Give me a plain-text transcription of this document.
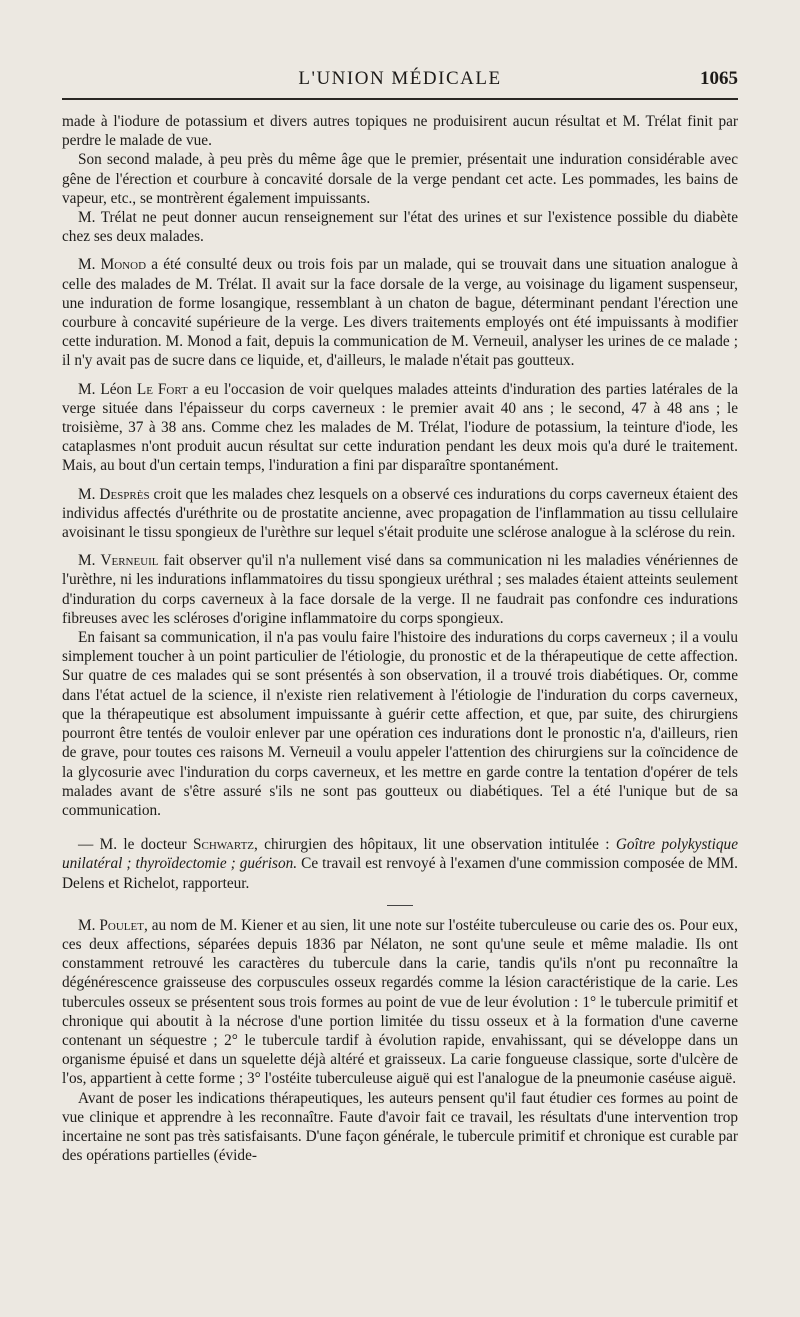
L'UNION MÉDICALE	1065

made à l'iodure de potassium et divers autres topiques ne produisirent aucun résultat et M. Trélat finit par perdre le malade de vue.

Son second malade, à peu près du même âge que le premier, présentait une induration considérable avec gêne de l'érection et courbure à concavité dorsale de la verge pendant cet acte. Les pommades, les bains de vapeur, etc., se montrèrent également impuissants.

M. Trélat ne peut donner aucun renseignement sur l'état des urines et sur l'existence possible du diabète chez ses deux malades.

M. Monod a été consulté deux ou trois fois par un malade, qui se trouvait dans une situation analogue à celle des malades de M. Trélat. Il avait sur la face dorsale de la verge, au voisinage du ligament suspenseur, une induration de forme losangique, ressemblant à un chaton de bague, déterminant pendant l'érection une courbure à concavité supérieure de la verge. Les divers traitements employés ont été impuissants à modifier cette induration. M. Monod a fait, depuis la communication de M. Verneuil, analyser les urines de ce malade ; il n'y avait pas de sucre dans ce liquide, et, d'ailleurs, le malade n'était pas goutteux.

M. Léon Le Fort a eu l'occasion de voir quelques malades atteints d'induration des parties latérales de la verge située dans l'épaisseur du corps caverneux : le premier avait 40 ans ; le second, 47 à 48 ans ; le troisième, 37 à 38 ans. Comme chez les malades de M. Trélat, l'iodure de potassium, la teinture d'iode, les cataplasmes n'ont produit aucun résultat sur cette induration pendant les deux mois qu'a duré le traitement. Mais, au bout d'un certain temps, l'induration a fini par disparaître spontanément.

M. Desprès croit que les malades chez lesquels on a observé ces indurations du corps caverneux étaient des individus affectés d'uréthrite ou de prostatite ancienne, avec propagation de l'inflammation au tissu cellulaire avoisinant le tissu spongieux de l'urèthre sur lequel s'était produite une sclérose analogue à la sclérose du rein.

M. Verneuil fait observer qu'il n'a nullement visé dans sa communication ni les maladies vénériennes de l'urèthre, ni les indurations inflammatoires du tissu spongieux uréthral ; ses malades étaient atteints seulement d'induration du corps caverneux à la face dorsale de la verge. Il ne faudrait pas confondre ces indurations fibreuses avec les scléroses d'origine inflammatoire du corps spongieux.

En faisant sa communication, il n'a pas voulu faire l'histoire des indurations du corps caverneux ; il a voulu simplement toucher à un point particulier de l'étiologie, du pronostic et de la thérapeutique de cette affection. Sur quatre de ces malades qui se sont présentés à son observation, il a trouvé trois diabétiques. Or, comme dans l'état actuel de la science, il n'existe rien relativement à l'étiologie de l'induration du corps caverneux, que la thérapeutique est absolument impuissante à guérir cette affection, et que, par suite, des chirurgiens pourront être tentés de vouloir enlever par une opération ces indurations dont le pronostic n'a, d'ailleurs, rien de grave, pour toutes ces raisons M. Verneuil a voulu appeler l'attention des chirurgiens sur la coïncidence de la glycosurie avec l'induration du corps caverneux, et les mettre en garde contre la tentation d'opérer de tels malades avant de s'être assuré s'ils ne sont pas goutteux ou diabétiques. Tel a été l'unique but de sa communication.

— M. le docteur Schwartz, chirurgien des hôpitaux, lit une observation intitulée : Goître polykystique unilatéral ; thyroïdectomie ; guérison. Ce travail est renvoyé à l'examen d'une commission composée de MM. Delens et Richelot, rapporteur.

M. Poulet, au nom de M. Kiener et au sien, lit une note sur l'ostéite tuberculeuse ou carie des os. Pour eux, ces deux affections, séparées depuis 1836 par Nélaton, ne sont qu'une seule et même maladie. Ils ont constamment retrouvé les caractères du tubercule dans la carie, tandis qu'ils n'ont pu reconnaître la dégénérescence graisseuse des corpuscules osseux regardés comme la lésion caractéristique de la carie. Les tubercules osseux se présentent sous trois formes au point de vue de leur évolution : 1° le tubercule primitif et chronique qui aboutit à la nécrose d'une portion limitée du tissu osseux et à la formation d'une caverne contenant un séquestre ; 2° le tubercule tardif à évolution rapide, envahissant, qui se développe dans un organisme épuisé et dans un squelette déjà altéré et graisseux. La carie fongueuse classique, sorte d'ulcère de l'os, appartient à cette forme ; 3° l'ostéite tuberculeuse aiguë qui est l'analogue de la pneumonie caséuse aiguë.

Avant de poser les indications thérapeutiques, les auteurs pensent qu'il faut étudier ces formes au point de vue clinique et apprendre à les reconnaître. Faute d'avoir fait ce travail, les résultats d'une intervention trop incertaine ne sont pas très satisfaisants. D'une façon générale, le tubercule primitif et chronique est curable par des opérations partielles (évide-
